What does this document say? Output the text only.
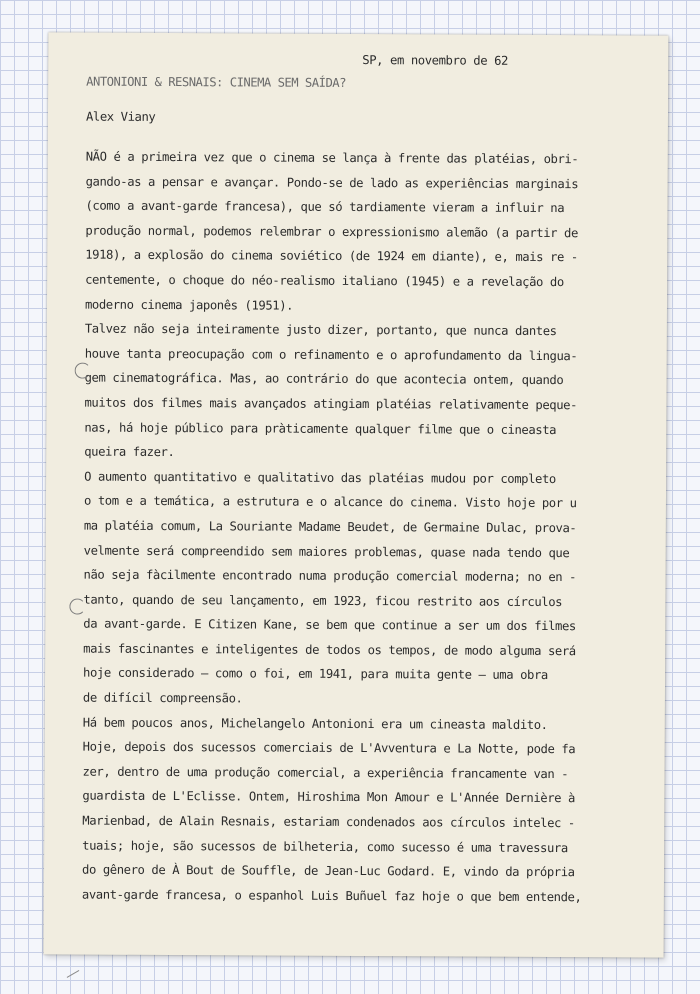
SP, em novembro de 62
ANTONIONI & RESNAIS: CINEMA SEM SAÍDA?
Alex Viany
NÃO é a primeira vez que o cinema se lança à frente das platéias, obri-
gando-as a pensar e avançar. Pondo-se de lado as experiências marginais
(como a avant-garde francesa), que só tardiamente vieram a influir na
produção normal, podemos relembrar o expressionismo alemão (a partir de
1918), a explosão do cinema soviético (de 1924 em diante), e, mais re -
centemente, o choque do néo-realismo italiano (1945) e a revelação do
moderno cinema japonês (1951).
Talvez não seja inteiramente justo dizer, portanto, que nunca dantes
houve tanta preocupação com o refinamento e o aprofundamento da lingua-
gem cinematográfica. Mas, ao contrário do que acontecia ontem, quando
muitos dos filmes mais avançados atingiam platéias relativamente peque-
nas, há hoje público para pràticamente qualquer filme que o cineasta
queira fazer.
O aumento quantitativo e qualitativo das platéias mudou por completo
o tom e a temática, a estrutura e o alcance do cinema. Visto hoje por u
ma platéia comum, La Souriante Madame Beudet, de Germaine Dulac, prova-
velmente será compreendido sem maiores problemas, quase nada tendo que
não seja fàcilmente encontrado numa produção comercial moderna; no en -
tanto, quando de seu lançamento, em 1923, ficou restrito aos círculos
da avant-garde. E Citizen Kane, se bem que continue a ser um dos filmes
mais fascinantes e inteligentes de todos os tempos, de modo alguma será
hoje considerado — como o foi, em 1941, para muita gente — uma obra
de difícil compreensão.
Há bem poucos anos, Michelangelo Antonioni era um cineasta maldito.
Hoje, depois dos sucessos comerciais de L'Avventura e La Notte, pode fa
zer, dentro de uma produção comercial, a experiência francamente van -
guardista de L'Eclisse. Ontem, Hiroshima Mon Amour e L'Année Dernière à
Marienbad, de Alain Resnais, estariam condenados aos círculos intelec -
tuais; hoje, são sucessos de bilheteria, como sucesso é uma travessura
do gênero de À Bout de Souffle, de Jean-Luc Godard. E, vindo da própria
avant-garde francesa, o espanhol Luis Buñuel faz hoje o que bem entende,
